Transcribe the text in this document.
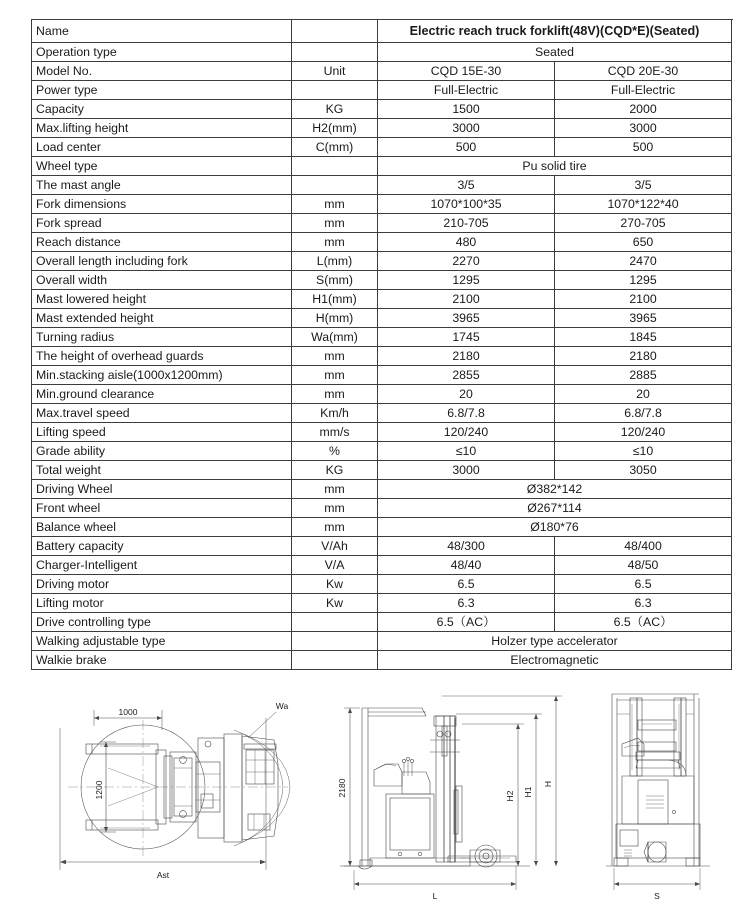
Name		Electric reach truck forklift(48V)(CQD*E)(Seated)	
Operation type		Seated	
Model No.	Unit	CQD 15E-30	CQD 20E-30
Power type		Full-Electric	Full-Electric
Capacity	KG	1500	2000
Max.lifting height	H2(mm)	3000	3000
Load center	C(mm)	500	500
Wheel type		Pu solid tire	
The mast angle		3/5	3/5
Fork dimensions	mm	1070*100*35	1070*122*40
Fork spread	mm	210-705	270-705
Reach distance	mm	480	650
Overall length including fork	L(mm)	2270	2470
Overall width	S(mm)	1295	1295
Mast lowered height	H1(mm)	2100	2100
Mast extended height	H(mm)	3965	3965
Turning radius	Wa(mm)	1745	1845
The height of overhead guards	mm	2180	2180
Min.stacking aisle(1000x1200mm)	mm	2855	2885
Min.ground clearance	mm	20	20
Max.travel speed	Km/h	6.8/7.8	6.8/7.8
Lifting speed	mm/s	120/240	120/240
Grade ability	%	≤10	≤10
Total weight	KG	3000	3050
Driving Wheel	mm	Ø382*142	
Front wheel	mm	Ø267*114	
Balance wheel	mm	Ø180*76	
Battery capacity	V/Ah	48/300	48/400
Charger-Intelligent	V/A	48/40	48/50
Driving motor	Kw	6.5	6.5
Lifting motor	Kw	6.3	6.3
Drive controlling type		6.5（AC）	6.5（AC）
Walking adjustable type		Holzer type accelerator	
Walkie brake		Electromagnetic	
1000
1200
Ast
Wa
2180	H2 H1
H
L	S
